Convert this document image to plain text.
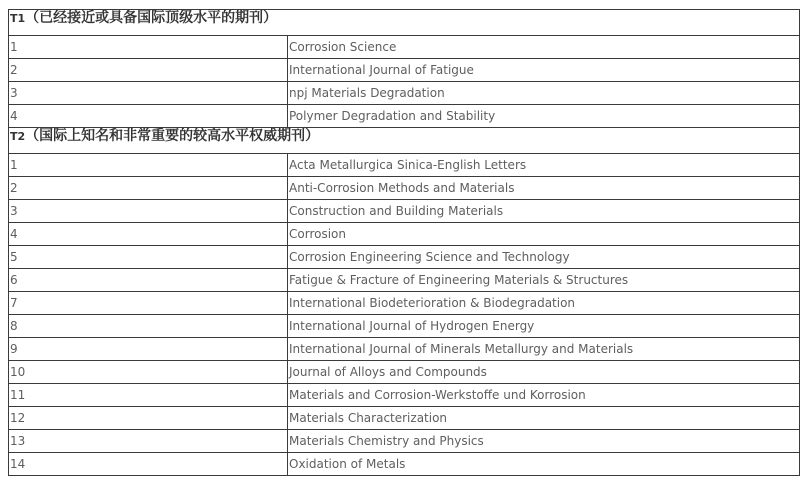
T1（已经接近或具备国际顶级水平的期刊）	
1	Corrosion Science
2	International Journal of Fatigue
3	npj Materials Degradation
4	Polymer Degradation and Stability
T2（国际上知名和非常重要的较高水平权威期刊）	
1	Acta Metallurgica Sinica-English Letters
2	Anti-Corrosion Methods and Materials
3	Construction and Building Materials
4	Corrosion
5	Corrosion Engineering Science and Technology
6	Fatigue & Fracture of Engineering Materials & Structures
7	International Biodeterioration & Biodegradation
8	International Journal of Hydrogen Energy
9	International Journal of Minerals Metallurgy and Materials
10	Journal of Alloys and Compounds
11	Materials and Corrosion-Werkstoffe und Korrosion
12	Materials Characterization
13	Materials Chemistry and Physics
14	Oxidation of Metals
